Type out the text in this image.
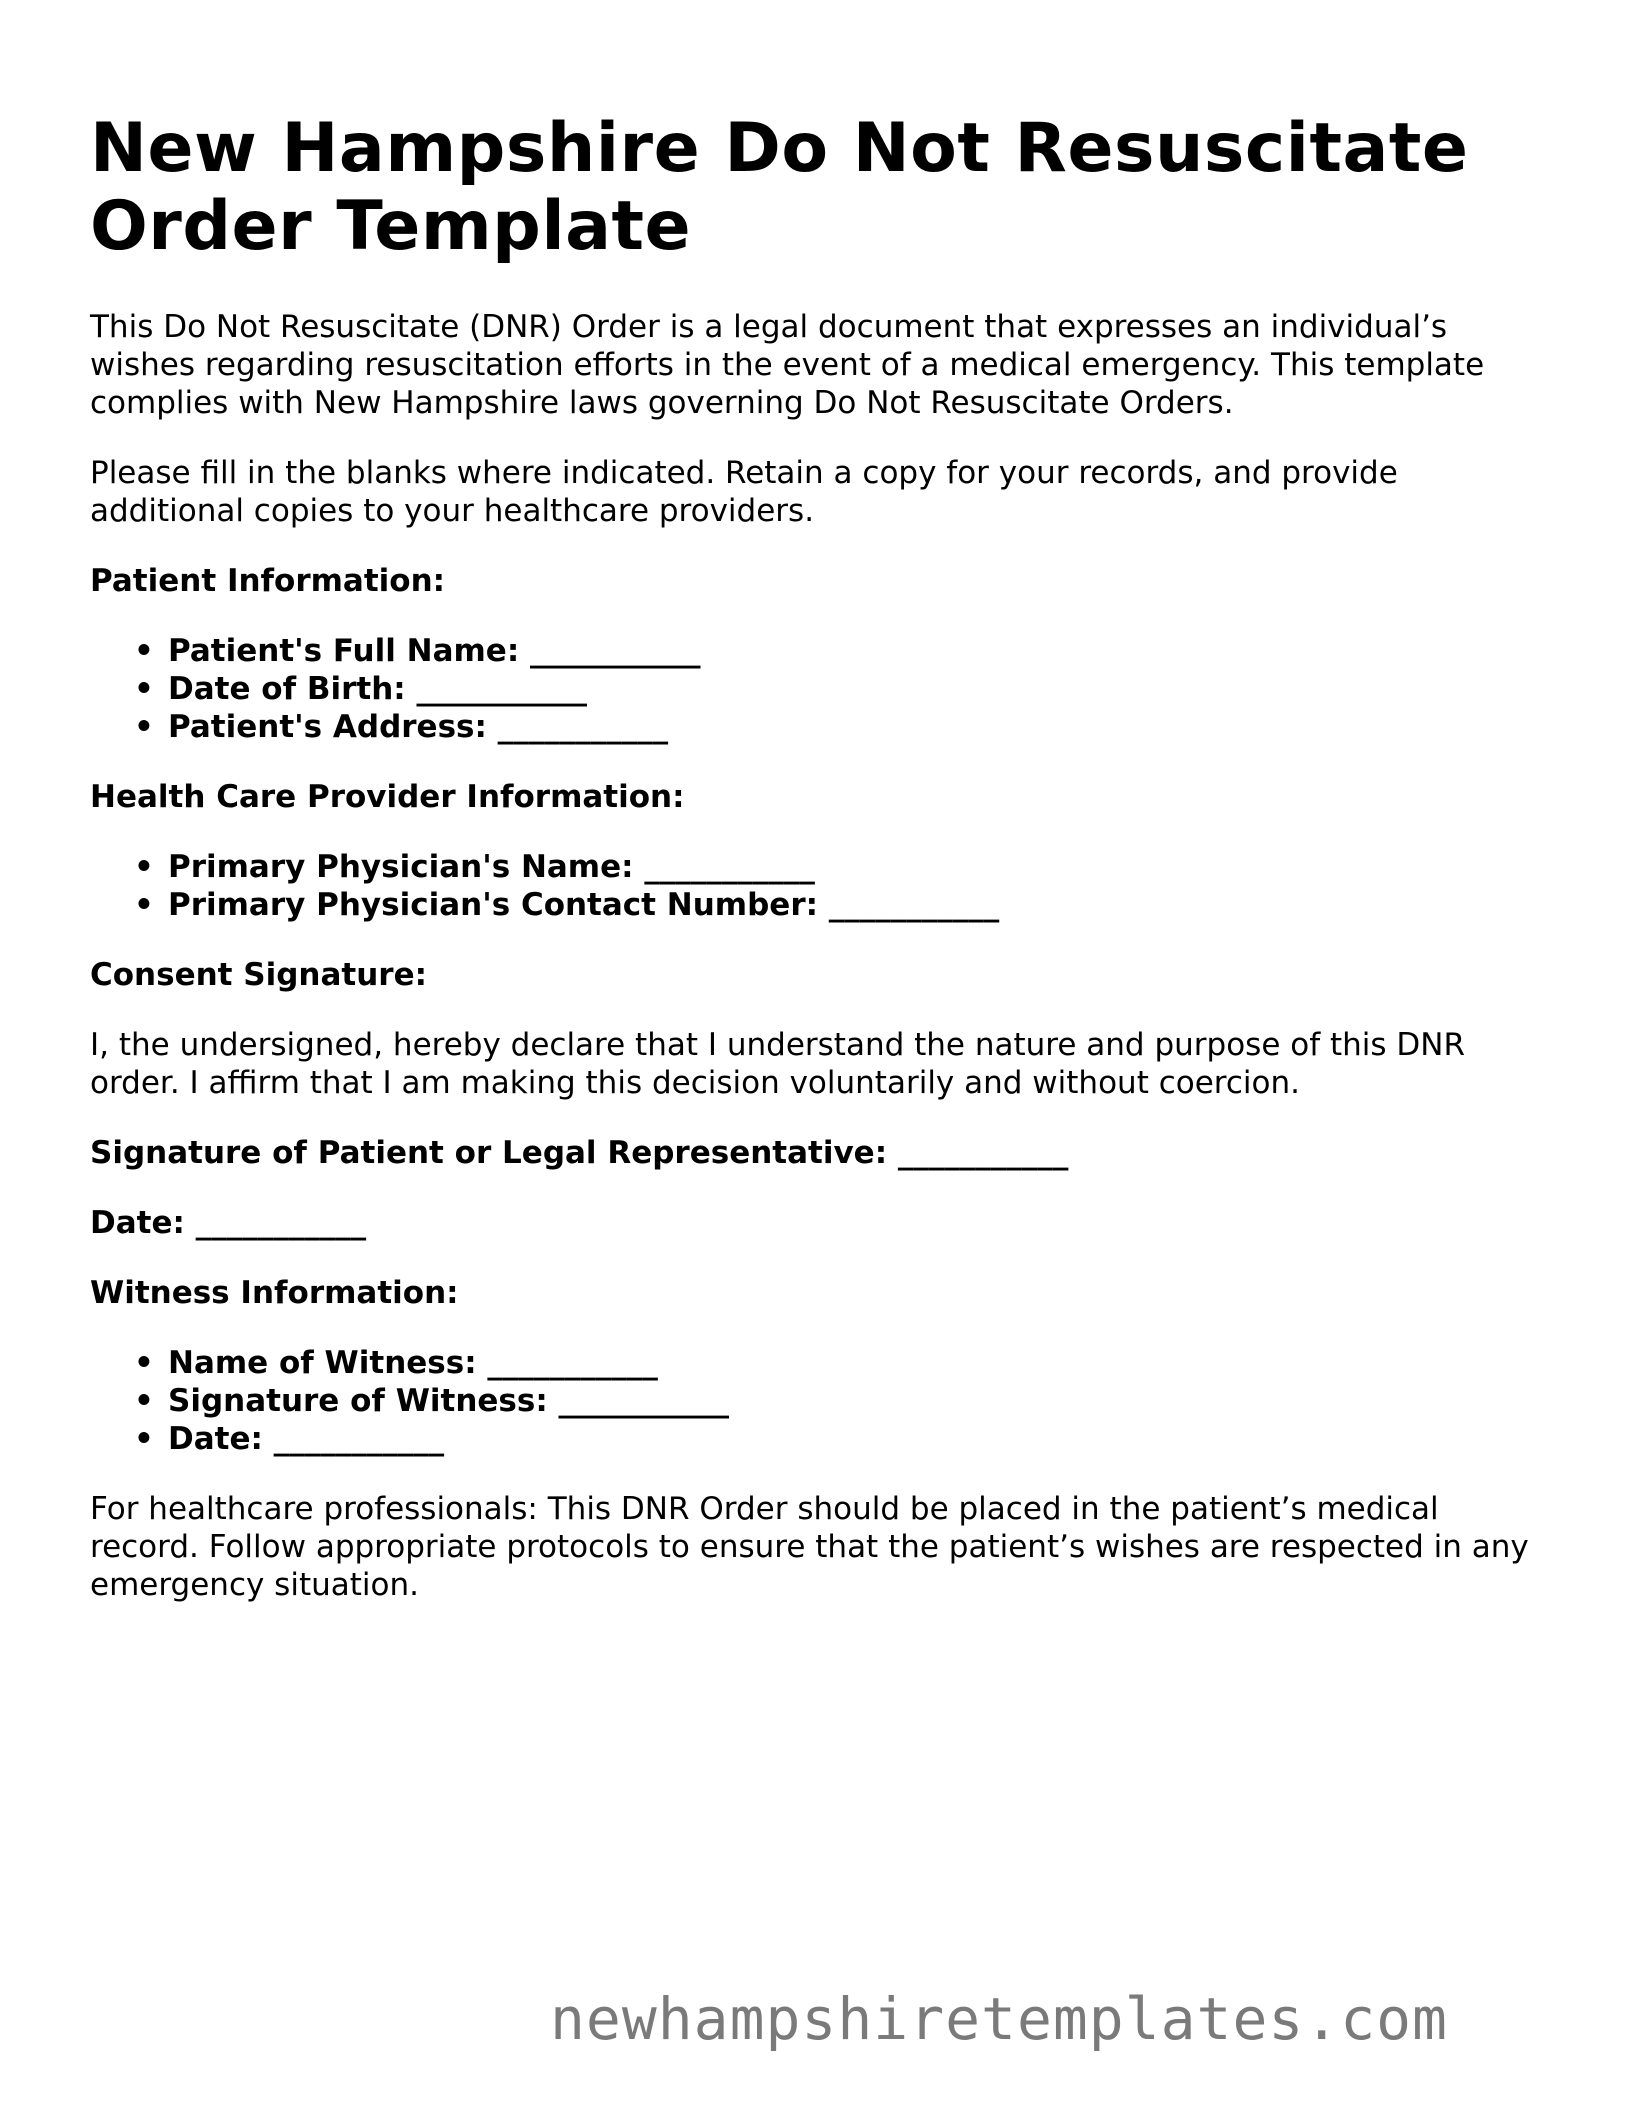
New Hampshire Do Not Resuscitate Order Template

This Do Not Resuscitate (DNR) Order is a legal document that expresses an individual’s wishes regarding resuscitation efforts in the event of a medical emergency. This template complies with New Hampshire laws governing Do Not Resuscitate Orders.

Please fill in the blanks where indicated. Retain a copy for your records, and provide additional copies to your healthcare providers.

Patient Information:
• Patient's Full Name: ___________
• Date of Birth: ___________
• Patient's Address: ___________
Health Care Provider Information:
• Primary Physician's Name: ___________
• Primary Physician's Contact Number: ___________
Consent Signature:

I, the undersigned, hereby declare that I understand the nature and purpose of this DNR order. I affirm that I am making this decision voluntarily and without coercion.

Signature of Patient or Legal Representative: ___________
Date: ___________
Witness Information:
• Name of Witness: ___________
• Signature of Witness: ___________
• Date: ___________

For healthcare professionals: This DNR Order should be placed in the patient’s medical record. Follow appropriate protocols to ensure that the patient’s wishes are respected in any emergency situation.

newhampshiretemplates.com
